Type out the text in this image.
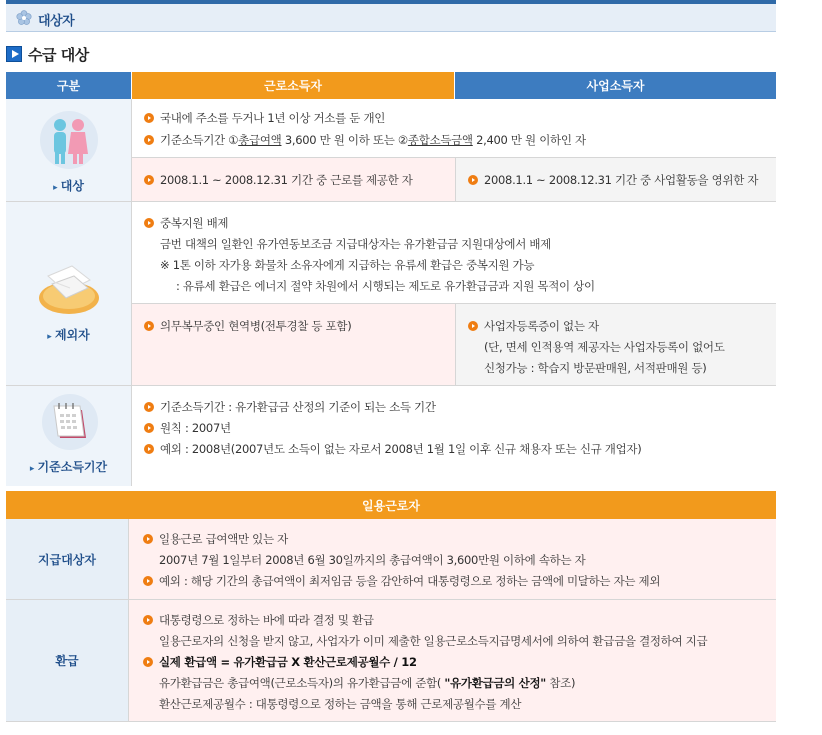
대상자
수급 대상
구분	근로소득자	사업소득자
▸ 대상
국내에 주소를 두거나 1년 이상 거소를 둔 개인
기준소득기간 ①총급여액 3,600 만 원 이하 또는 ②종합소득금액 2,400 만 원 이하인 자
2008.1.1 ~ 2008.12.31 기간 중 근로를 제공한 자	2008.1.1 ~ 2008.12.31 기간 중 사업활동을 영위한 자
▸ 제외자
중복지원 배제
금번 대책의 일환인 유가연동보조금 지급대상자는 유가환급금 지원대상에서 배제
※ 1톤 이하 자가용 화물차 소유자에게 지급하는 유류세 환급은 중복지원 가능
: 유류세 환급은 에너지 절약 차원에서 시행되는 제도로 유가환급금과 지원 목적이 상이
의무복무중인 현역병(전투경찰 등 포함)	사업자등록증이 없는 자
(단, 면세 인적용역 제공자는 사업자등록이 없어도
신청가능 : 학습지 방문판매원, 서적판매원 등)
▸ 기준소득기간
기준소득기간 : 유가환급금 산정의 기준이 되는 소득 기간
원칙 : 2007년
예외 : 2008년(2007년도 소득이 없는 자로서 2008년 1월 1일 이후 신규 채용자 또는 신규 개업자)
일용근로자
지급대상자
일용근로 급여액만 있는 자
2007년 7월 1일부터 2008년 6월 30일까지의 총급여액이 3,600만원 이하에 속하는 자
예외 : 해당 기간의 총급여액이 최저임금 등을 감안하여 대통령령으로 정하는 금액에 미달하는 자는 제외
환급
대통령령으로 정하는 바에 따라 결정 및 환급
일용근로자의 신청을 받지 않고, 사업자가 이미 제출한 일용근로소득지급명세서에 의하여 환급금을 결정하여 지급
실제 환급액 = 유가환급금 X 환산근로제공월수 / 12
유가환급금은 총급여액(근로소득자)의 유가환급금에 준함( "유가환급금의 산정" 참조)
환산근로제공월수 : 대통령령으로 정하는 금액을 통해 근로제공월수를 계산
